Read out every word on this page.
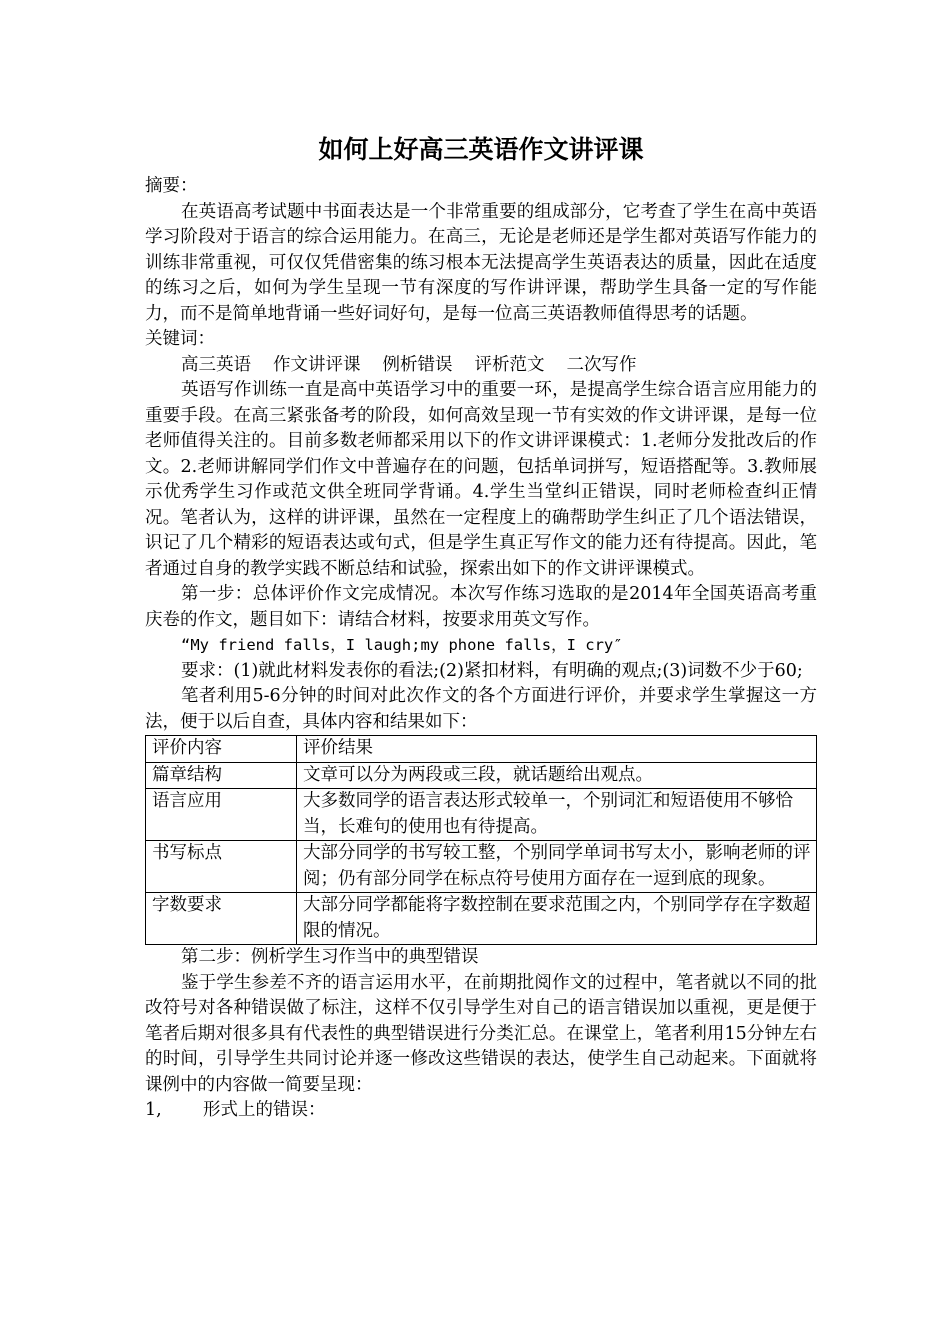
如何上好高三英语作文讲评课

摘要：

在英语高考试题中书面表达是一个非常重要的组成部分，它考查了学生在高中英语学习阶段对于语言的综合运用能力。在高三，无论是老师还是学生都对英语写作能力的训练非常重视，可仅仅凭借密集的练习根本无法提高学生英语表达的质量，因此在适度的练习之后，如何为学生呈现一节有深度的写作讲评课，帮助学生具备一定的写作能力，而不是简单地背诵一些好词好句，是每一位高三英语教师值得思考的话题。

关键词：

高三英语 作文讲评课 例析错误 评析范文 二次写作

英语写作训练一直是高中英语学习中的重要一环，是提高学生综合语言应用能力的重要手段。在高三紧张备考的阶段，如何高效呈现一节有实效的作文讲评课，是每一位老师值得关注的。目前多数老师都采用以下的作文讲评课模式：1.老师分发批改后的作文。2.老师讲解同学们作文中普遍存在的问题，包括单词拼写，短语搭配等。3.教师展示优秀学生习作或范文供全班同学背诵。4.学生当堂纠正错误，同时老师检查纠正情况。笔者认为，这样的讲评课，虽然在一定程度上的确帮助学生纠正了几个语法错误，识记了几个精彩的短语表达或句式，但是学生真正写作文的能力还有待提高。因此，笔者通过自身的教学实践不断总结和试验，探索出如下的作文讲评课模式。

第一步：总体评价作文完成情况。本次写作练习选取的是2014年全国英语高考重庆卷的作文，题目如下：请结合材料，按要求用英文写作。

“My friend falls，I laugh;my phone falls，I cry″

要求：(1)就此材料发表你的看法;(2)紧扣材料，有明确的观点;(3)词数不少于60;

笔者利用5-6分钟的时间对此次作文的各个方面进行评价，并要求学生掌握这一方法，便于以后自查，具体内容和结果如下：

评价内容	评价结果
篇章结构	文章可以分为两段或三段，就话题给出观点。
语言应用	大多数同学的语言表达形式较单一，个别词汇和短语使用不够恰当，长难句的使用也有待提高。
书写标点	大部分同学的书写较工整，个别同学单词书写太小，影响老师的评阅；仍有部分同学在标点符号使用方面存在一逗到底的现象。
字数要求	大部分同学都能将字数控制在要求范围之内，个别同学存在字数超限的情况。

第二步：例析学生习作当中的典型错误

鉴于学生参差不齐的语言运用水平，在前期批阅作文的过程中，笔者就以不同的批改符号对各种错误做了标注，这样不仅引导学生对自己的语言错误加以重视，更是便于笔者后期对很多具有代表性的典型错误进行分类汇总。在课堂上，笔者利用15分钟左右的时间，引导学生共同讨论并逐一修改这些错误的表达，使学生自己动起来。下面就将课例中的内容做一简要呈现：

1, 形式上的错误：
